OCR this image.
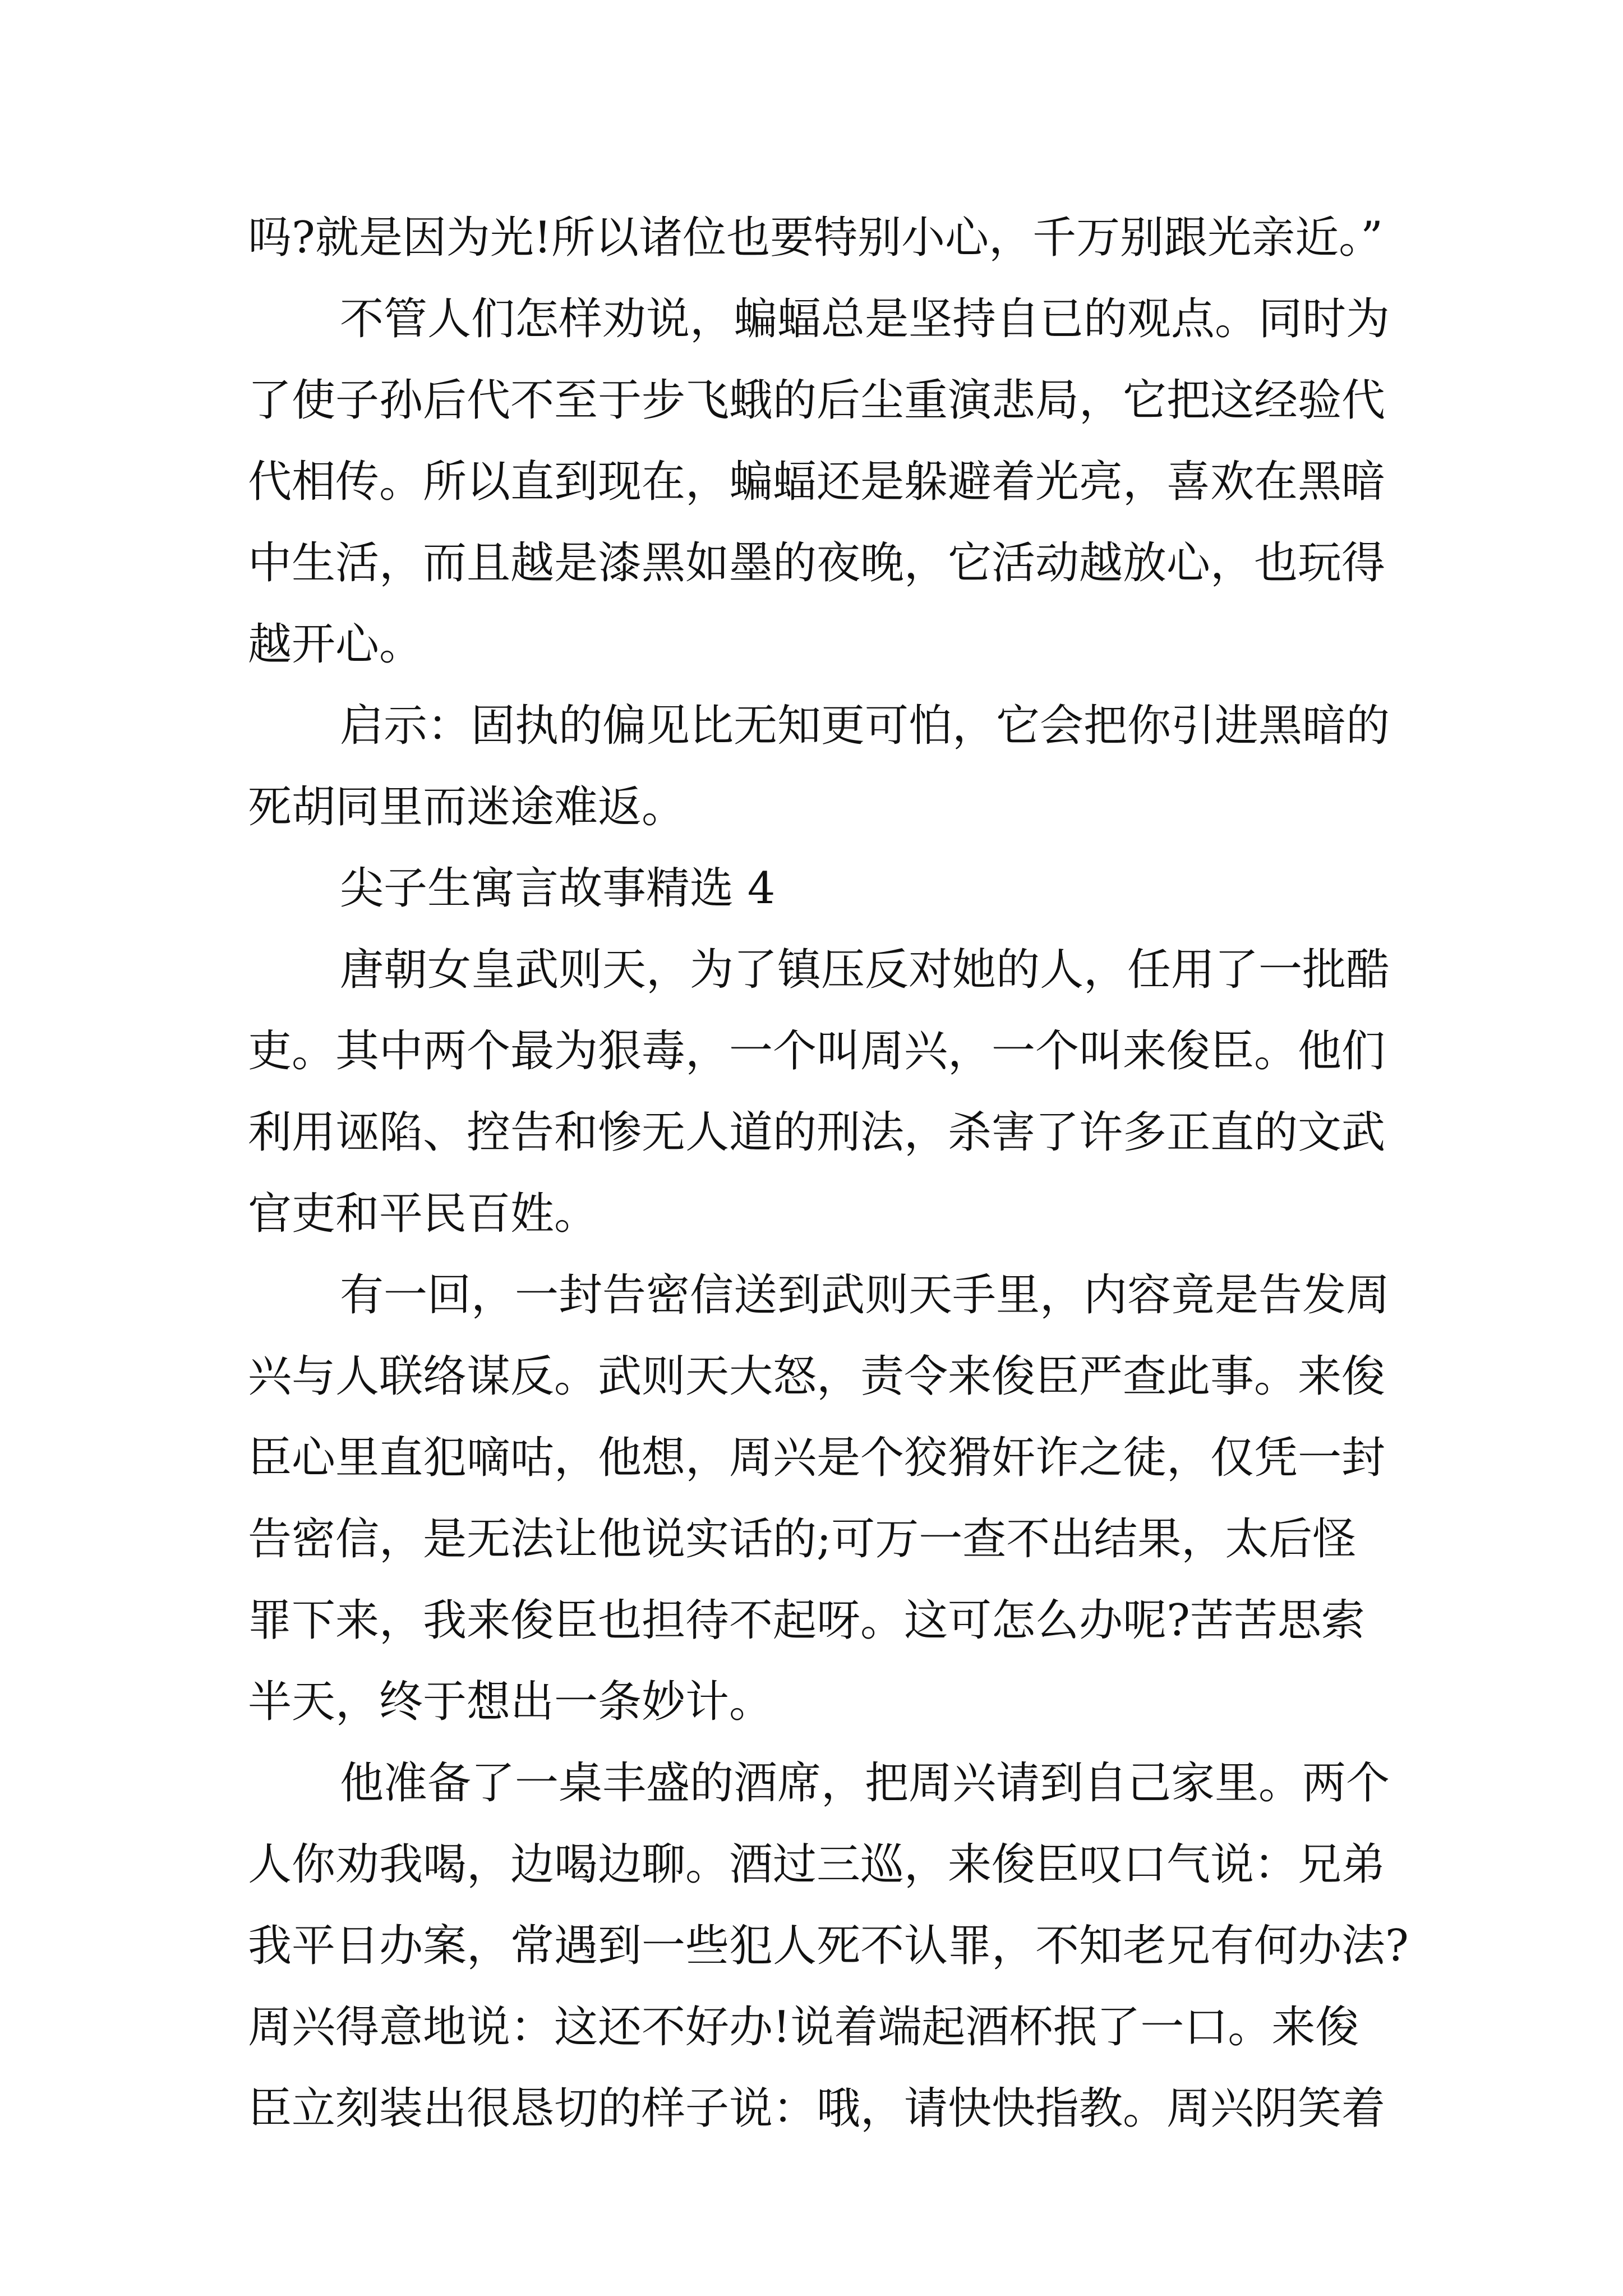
吗?就是因为光!所以诸位也要特别小心，千万别跟光亲近。”
不管人们怎样劝说，蝙蝠总是坚持自已的观点。同时为
了使子孙后代不至于步飞蛾的后尘重演悲局，它把这经验代
代相传。所以直到现在，蝙蝠还是躲避着光亮，喜欢在黑暗
中生活，而且越是漆黑如墨的夜晚，它活动越放心，也玩得
越开心。
启示：固执的偏见比无知更可怕，它会把你引进黑暗的
死胡同里而迷途难返。
尖子生寓言故事精选 4
唐朝女皇武则天，为了镇压反对她的人，任用了一批酷
吏。其中两个最为狠毒，一个叫周兴，一个叫来俊臣。他们
利用诬陷、控告和惨无人道的刑法，杀害了许多正直的文武
官吏和平民百姓。
有一回，一封告密信送到武则天手里，内容竟是告发周
兴与人联络谋反。武则天大怒，责令来俊臣严查此事。来俊
臣心里直犯嘀咕，他想，周兴是个狡猾奸诈之徒，仅凭一封
告密信，是无法让他说实话的;可万一查不出结果，太后怪
罪下来，我来俊臣也担待不起呀。这可怎么办呢?苦苦思索
半天，终于想出一条妙计。
他准备了一桌丰盛的酒席，把周兴请到自己家里。两个
人你劝我喝，边喝边聊。酒过三巡，来俊臣叹口气说：兄弟
我平日办案，常遇到一些犯人死不认罪，不知老兄有何办法?
周兴得意地说：这还不好办!说着端起酒杯抿了一口。来俊
臣立刻装出很恳切的样子说：哦，请快快指教。周兴阴笑着
